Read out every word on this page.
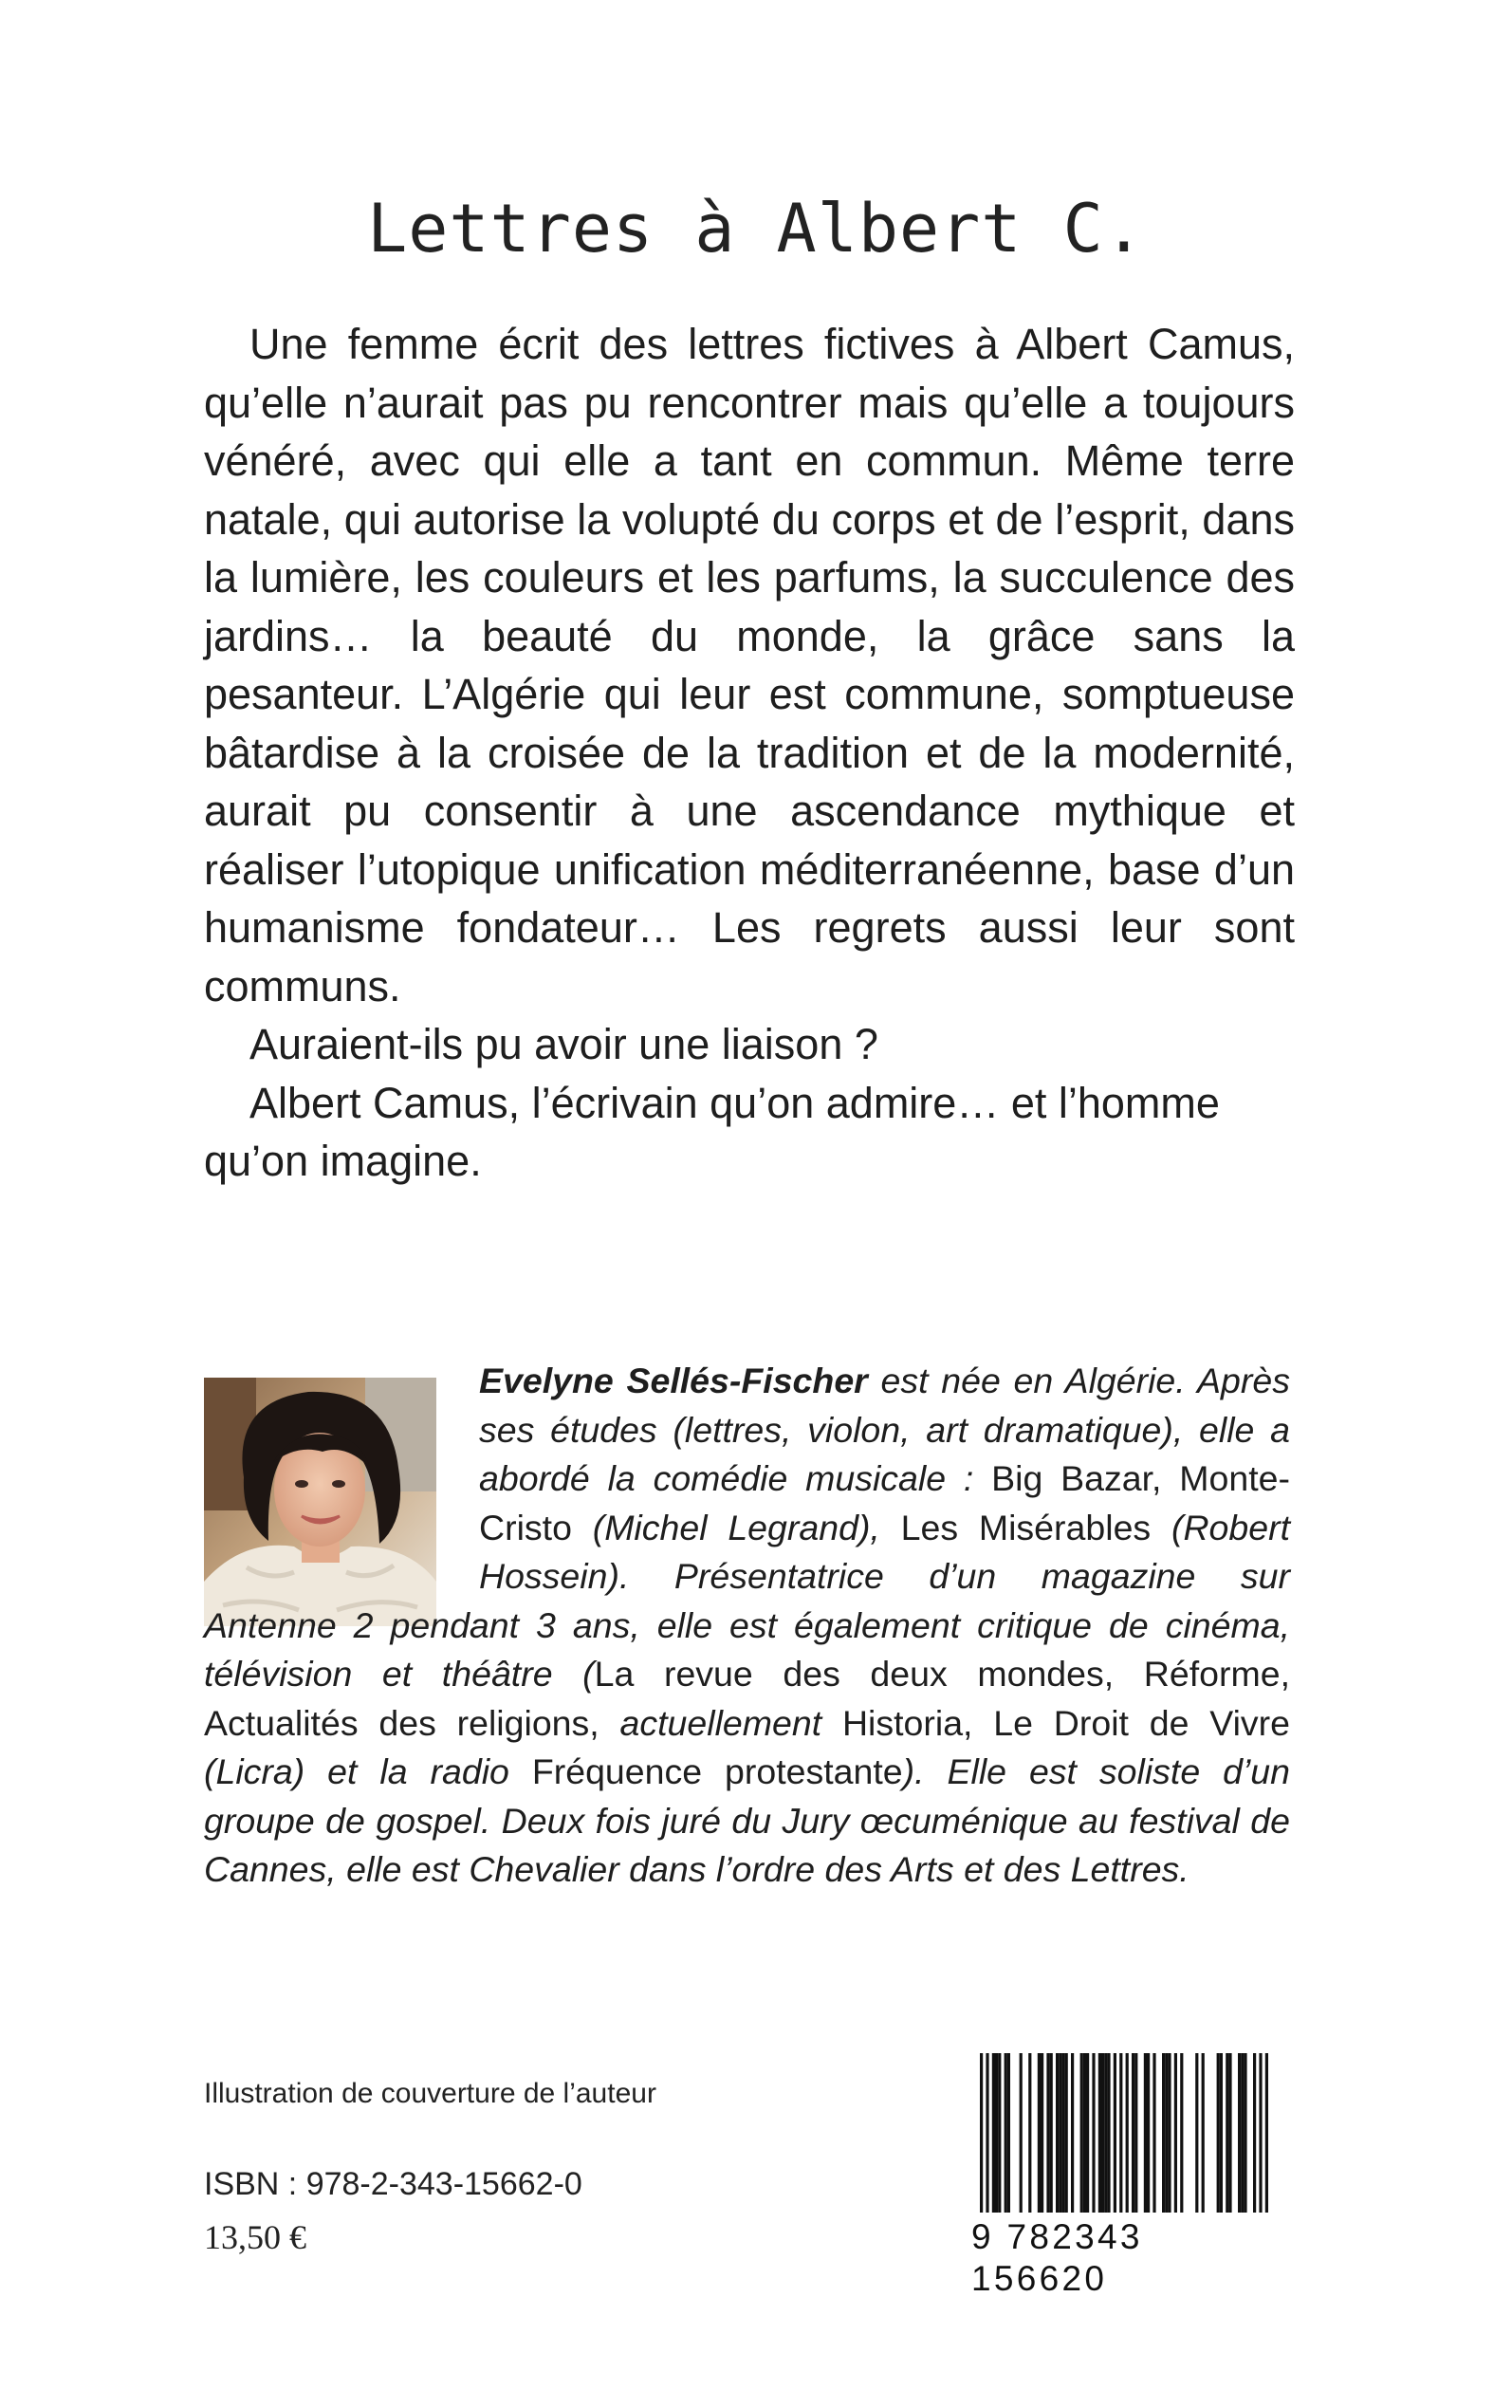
Lettres à Albert C.

Une femme écrit des lettres fictives à Albert Camus, qu’elle n’aurait pas pu rencontrer mais qu’elle a toujours vénéré, avec qui elle a tant en commun. Même terre natale, qui autorise la volupté du corps et de l’esprit, dans la lumière, les couleurs et les parfums, la succulence des jardins… la beauté du monde, la grâce sans la pesanteur. L’Algérie qui leur est commune, somptueuse bâtardise à la croisée de la tradition et de la modernité, aurait pu consentir à une ascendance mythique et réaliser l’utopique unification méditerranéenne, base d’un humanisme fondateur… Les regrets aussi leur sont communs.

Auraient-ils pu avoir une liaison ?

Albert Camus, l’écrivain qu’on admire… et l’homme qu’on imagine.

Evelyne Sellés-Fischer est née en Algérie. Après ses études (lettres, violon, art dramatique), elle a abordé la comédie musicale : Big Bazar, Monte-Cristo (Michel Legrand), Les Misérables (Robert Hossein). Présentatrice d’un magazine sur Antenne 2 pendant 3 ans, elle est également critique de cinéma, télévision et théâtre (La revue des deux mondes, Réforme, Actualités des religions, actuellement Historia, Le Droit de Vivre (Licra) et la radio Fréquence protestante). Elle est soliste d’un groupe de gospel. Deux fois juré du Jury œcuménique au festival de Cannes, elle est Chevalier dans l’ordre des Arts et des Lettres.

Illustration de couverture de l’auteur
ISBN : 978-2-343-15662-0
13,50 €	9 782343 156620
